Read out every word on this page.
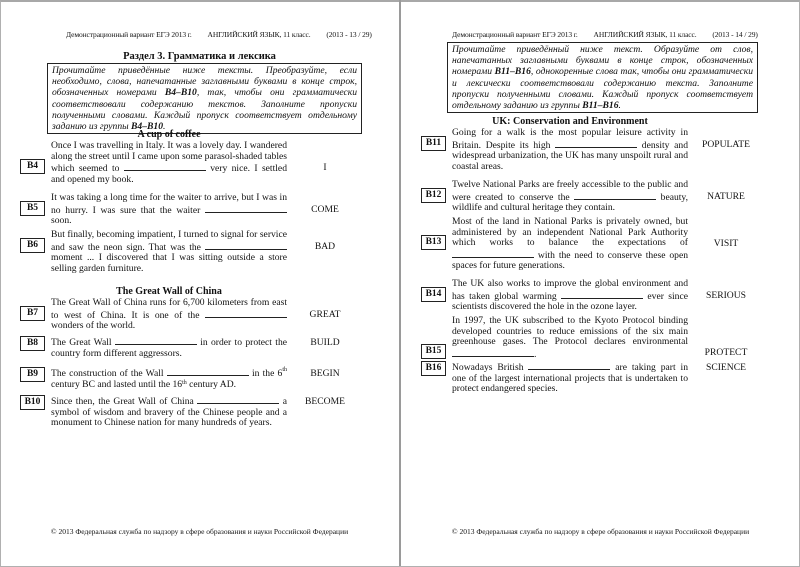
Демонстрационный вариант ЕГЭ 2013 г. АНГЛИЙСКИЙ ЯЗЫК, 11 класс. (2013 - 13 / 29)
Раздел 3. Грамматика и лексика
Прочитайте приведённые ниже тексты. Преобразуйте, если необходимо, слова, напечатанные заглавными буквами в конце строк, обозначенных номерами B4–B10, так, чтобы они грамматически соответствовали содержанию текстов. Заполните пропуски полученными словами. Каждый пропуск соответствует отдельному заданию из группы B4–B10.
A cup of coffee
B4
Once I was travelling in Italy. It was a lovely day. I wandered along the street until I came upon some parasol-shaded tables which seemed to	very nice. I settled and opened my book.
I
B5
It was taking a long time for the waiter to arrive, but I was in no hurry. I was sure that the waiter  soon.
COME
B6
But finally, becoming impatient, I turned to signal for service and saw the neon sign. That was the  moment ... I discovered that I was sitting outside a store selling garden furniture.
BAD
The Great Wall of China
B7
The Great Wall of China runs for 6,700 kilometers from east to west of China. It is one of the  wonders of the world.
GREAT
B8	The Great Wall	in order to protect the country form different aggressors.
BUILD
B9	The construction of the Wall	in the 6th century BC and lasted until the 16th century AD.
BEGIN
B10	Since then, the Great Wall of China	a symbol of wisdom and bravery of the Chinese people and a monument to Chinese nation for many hundreds of years.
BECOME
© 2013 Федеральная служба по надзору в сфере образования и науки Российской Федерации
Демонстрационный вариант ЕГЭ 2013 г. АНГЛИЙСКИЙ ЯЗЫК, 11 класс. (2013 - 14 / 29)
Прочитайте приведённый ниже текст. Образуйте от слов, напечатанных заглавными буквами в конце строк, обозначенных номерами B11–B16, однокоренные слова так, чтобы они грамматически и лексически соответствовали содержанию текста. Заполните пропуски полученными словами. Каждый пропуск соответствует отдельному заданию из группы B11–B16.
UK: Conservation and Environment
B11
Going for a walk is the most popular leisure activity in Britain. Despite its high	density and widespread urbanization, the UK has many unspoilt rural and coastal areas.
POPULATE
B12
Twelve National Parks are freely accessible to the public and were created to conserve the	beauty, wildlife and cultural heritage they contain.
NATURE
B13
Most of the land in National Parks is privately owned, but administered by an independent National Park Authority which works to balance the expectations of  with the need to conserve these open spaces for future generations.
VISIT
B14
The UK also works to improve the global environment and has taken global warming	ever since scientists discovered the hole in the ozone layer.
SERIOUS
B15
In 1997, the UK subscribed to the Kyoto Protocol binding developed countries to reduce emissions of the six main greenhouse gases. The Protocol declares environmental .	PROTECT
B16	Nowadays British	are taking part in one of the largest international projects that is undertaken to protect endangered species.
SCIENCE
© 2013 Федеральная служба по надзору в сфере образования и науки Российской Федерации
